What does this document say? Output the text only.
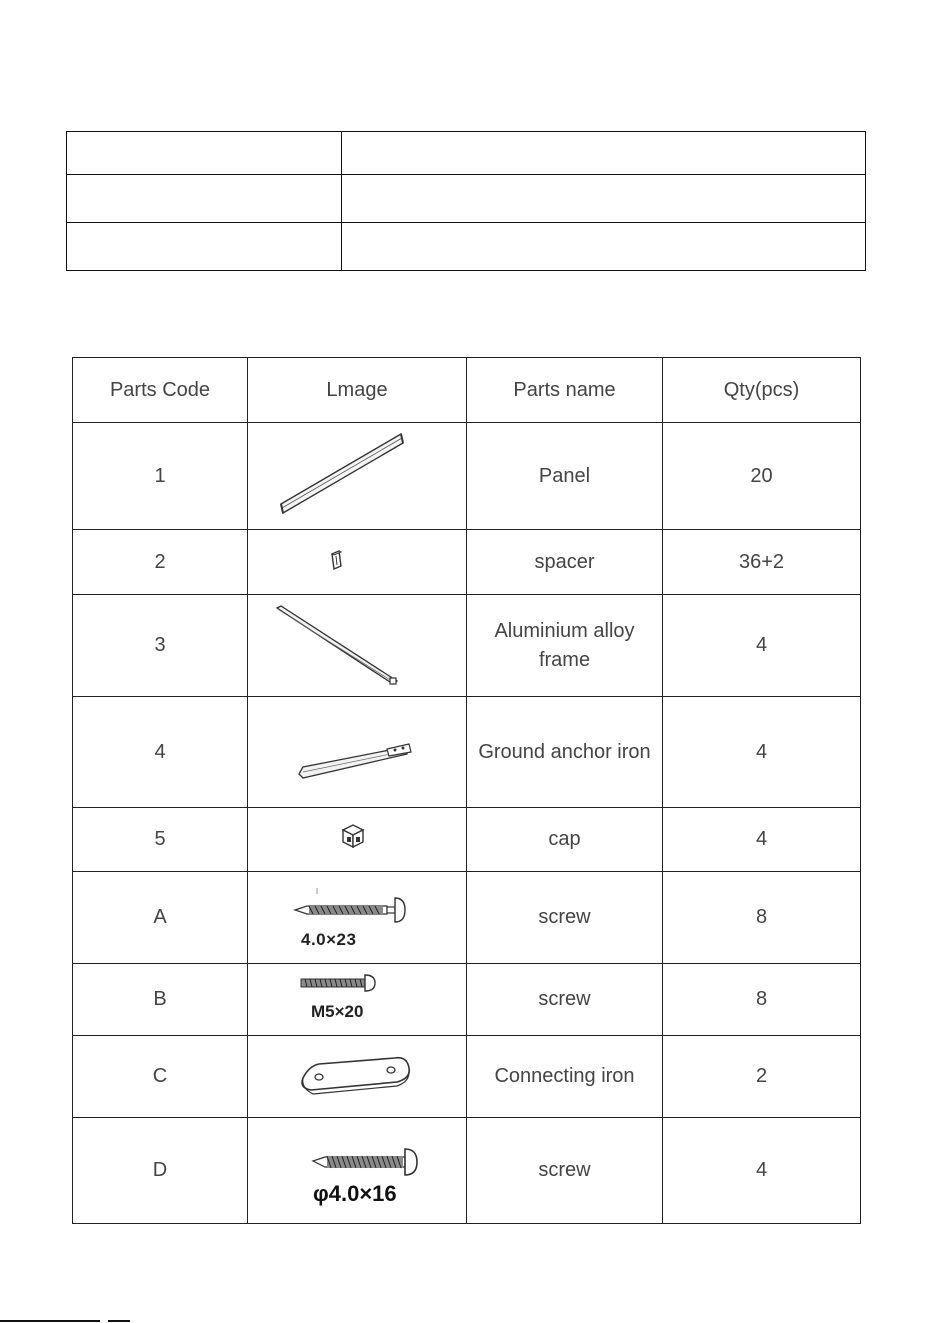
Parts Code	Lmage	Parts name	Qty(pcs)
1		Panel	20
2		spacer	36+2
3		Aluminium alloy frame	4
4		Ground anchor iron	4
5		cap	4
A	4.0×23	screw	8
B	M5×20	screw	8
C		Connecting iron	2
D	φ4.0×16	screw	4
